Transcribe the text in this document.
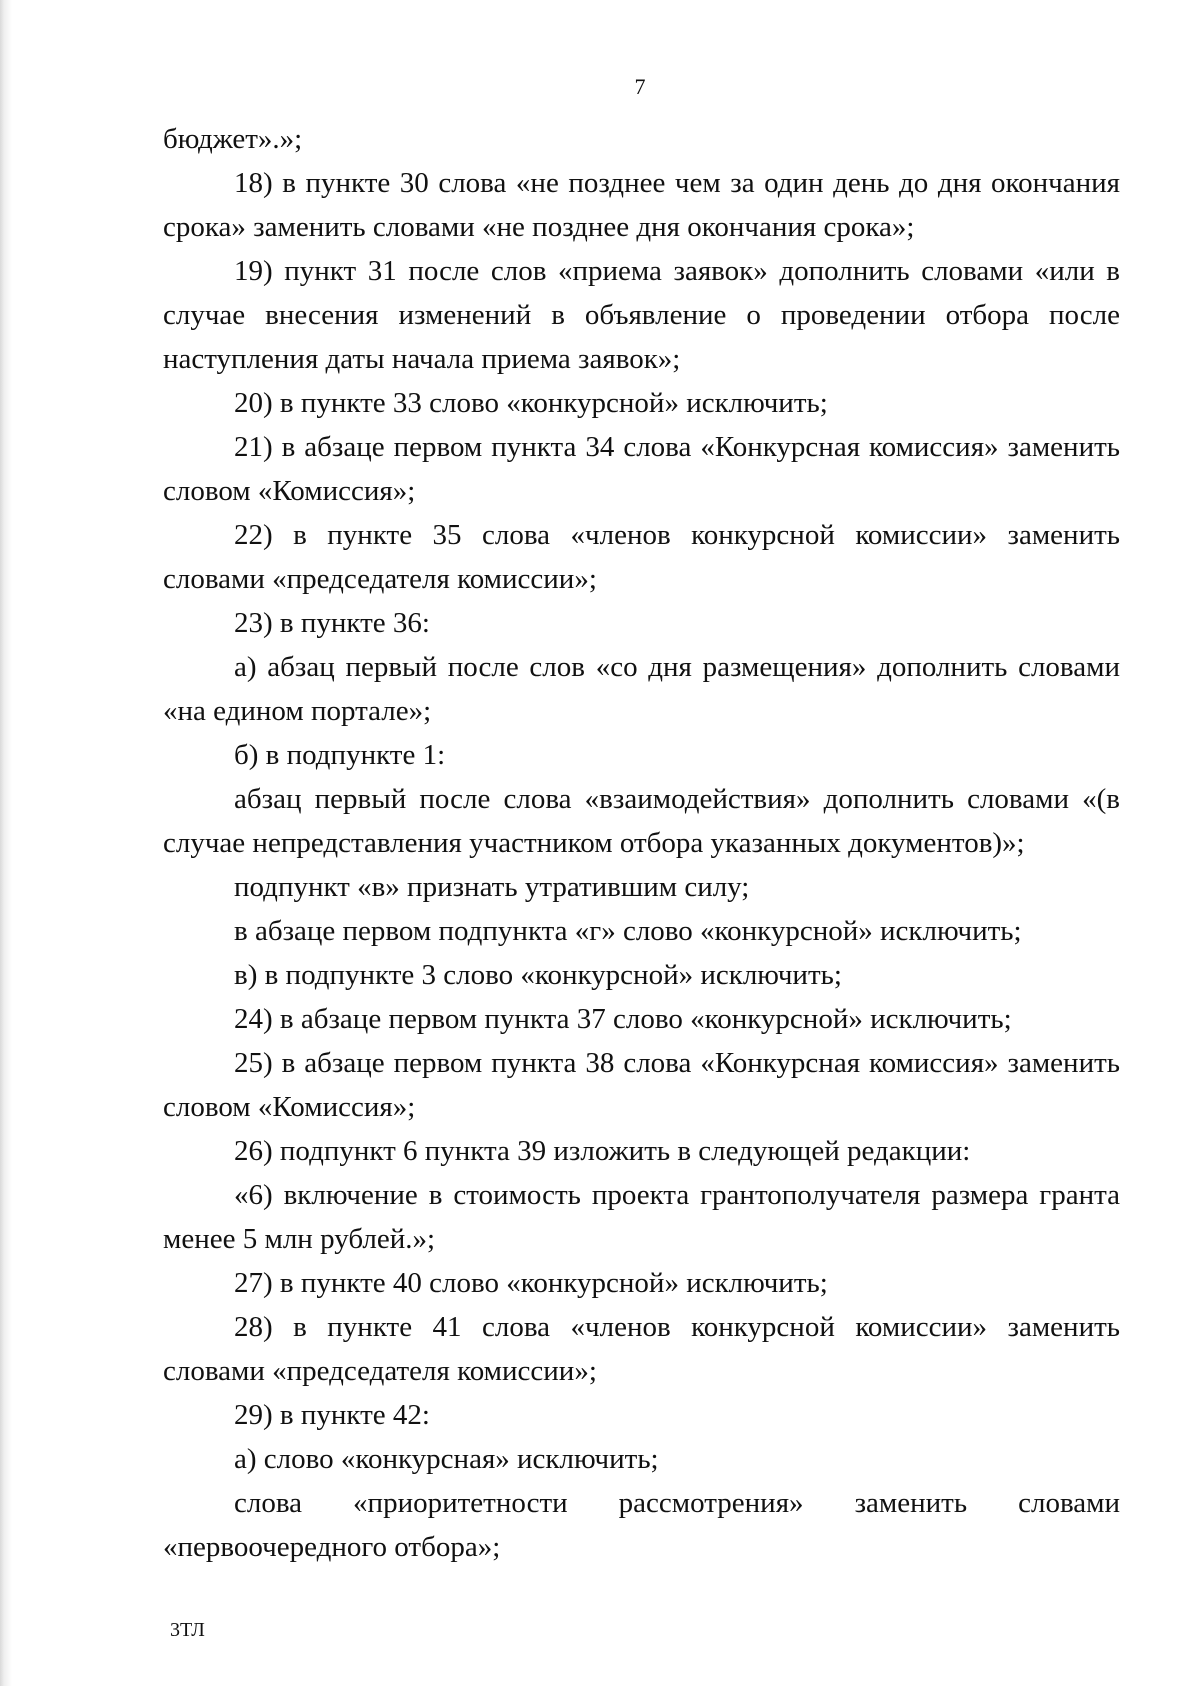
7

бюджет».»;

18) в пункте 30 слова «не позднее чем за один день до дня окончания срока» заменить словами «не позднее дня окончания срока»;

19) пункт 31 после слов «приема заявок» дополнить словами «или в случае внесения изменений в объявление о проведении отбора после наступления даты начала приема заявок»;

20) в пункте 33 слово «конкурсной» исключить;

21) в абзаце первом пункта 34 слова «Конкурсная комиссия» заменить словом «Комиссия»;

22) в пункте 35 слова «членов конкурсной комиссии» заменить словами «председателя комиссии»;

23) в пункте 36:

а) абзац первый после слов «со дня размещения» дополнить словами «на едином портале»;

б) в подпункте 1:

абзац первый после слова «взаимодействия» дополнить словами «(в случае непредставления участником отбора указанных документов)»;

подпункт «в» признать утратившим силу;

в абзаце первом подпункта «г» слово «конкурсной» исключить;

в) в подпункте 3 слово «конкурсной» исключить;

24) в абзаце первом пункта 37 слово «конкурсной» исключить;

25) в абзаце первом пункта 38 слова «Конкурсная комиссия» заменить словом «Комиссия»;

26) подпункт 6 пункта 39 изложить в следующей редакции:

«6) включение в стоимость проекта грантополучателя размера гранта менее 5 млн рублей.»;

27) в пункте 40 слово «конкурсной» исключить;

28) в пункте 41 слова «членов конкурсной комиссии» заменить словами «председателя комиссии»;

29) в пункте 42:

а) слово «конкурсная» исключить;

слова «приоритетности рассмотрения» заменить словами «первоочередного отбора»;

3ТЛ
